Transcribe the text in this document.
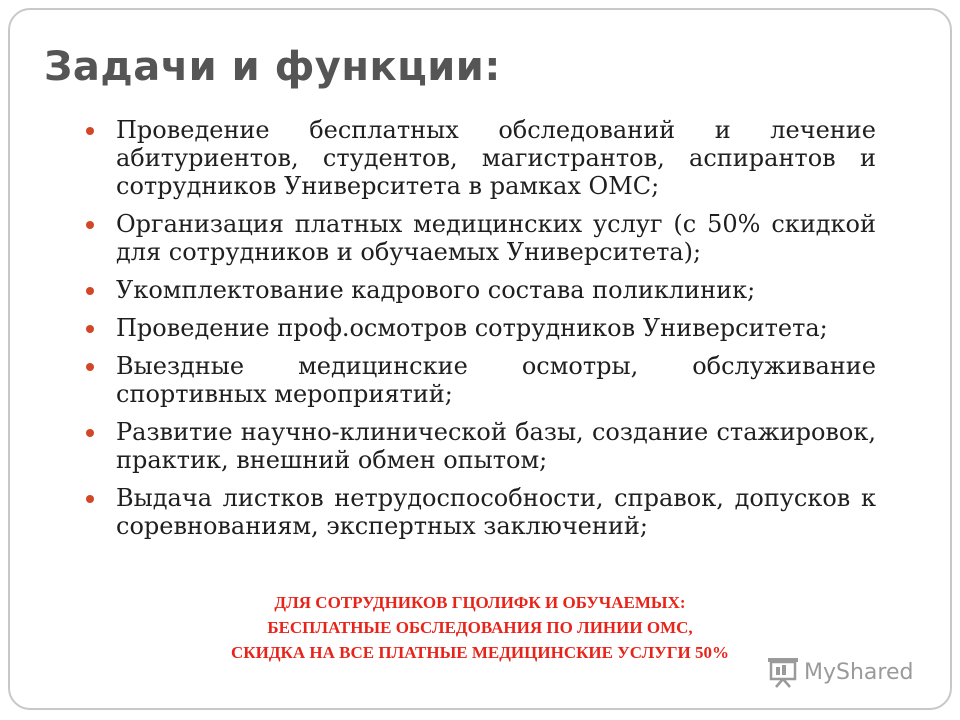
Задачи и функции:
Проведение бесплатных обследований и лечение абитуриентов, студентов, магистрантов, аспирантов и сотрудников Университета в рамках ОМС;
Организация платных медицинских услуг (с 50% скидкой для сотрудников и обучаемых Университета);
Укомплектование кадрового состава поликлиник;
Проведение проф.осмотров сотрудников Университета;
Выездные медицинские осмотры, обслуживание спортивных мероприятий;
Развитие научно-клинической базы, создание стажировок, практик, внешний обмен опытом;
Выдача листков нетрудоспособности, справок, допусков к соревнованиям, экспертных заключений;
ДЛЯ СОТРУДНИКОВ ГЦОЛИФК И ОБУЧАЕМЫХ:
БЕСПЛАТНЫЕ ОБСЛЕДОВАНИЯ ПО ЛИНИИ ОМС,
СКИДКА НА ВСЕ ПЛАТНЫЕ МЕДИЦИНСКИЕ УСЛУГИ 50%
MyShared
